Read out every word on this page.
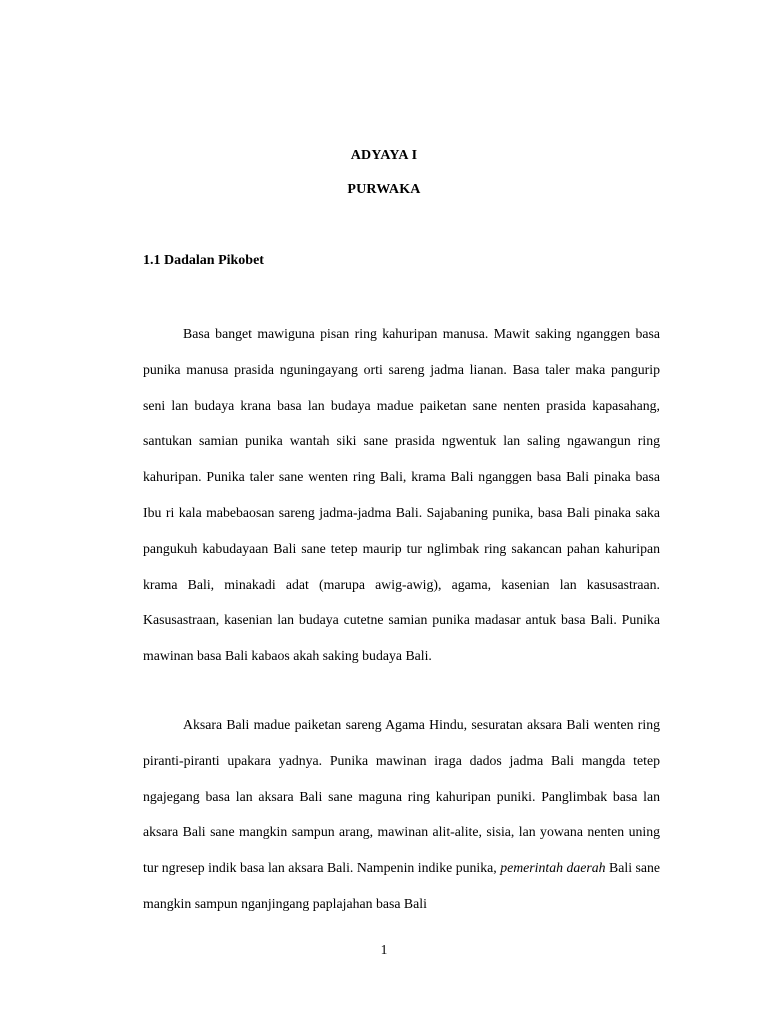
ADYAYA I
PURWAKA
1.1 Dadalan Pikobet

Basa banget mawiguna pisan ring kahuripan manusa. Mawit saking nganggen basa punika manusa prasida nguningayang orti sareng jadma lianan. Basa taler maka pangurip seni lan budaya krana basa lan budaya madue paiketan sane nenten prasida kapasahang, santukan samian punika wantah siki sane prasida ngwentuk lan saling ngawangun ring kahuripan. Punika taler sane wenten ring Bali, krama Bali nganggen basa Bali pinaka basa Ibu ri kala mabebaosan sareng jadma-jadma Bali. Sajabaning punika, basa Bali pinaka saka pangukuh kabudayaan Bali sane tetep maurip tur nglimbak ring sakancan pahan kahuripan krama Bali, minakadi adat (marupa awig-awig), agama, kasenian lan kasusastraan. Kasusastraan, kasenian lan budaya cutetne samian punika madasar antuk basa Bali. Punika mawinan basa Bali kabaos akah saking budaya Bali.

Aksara Bali madue paiketan sareng Agama Hindu, sesuratan aksara Bali wenten ring piranti-piranti upakara yadnya. Punika mawinan iraga dados jadma Bali mangda tetep ngajegang basa lan aksara Bali sane maguna ring kahuripan puniki. Panglimbak basa lan aksara Bali sane mangkin sampun arang, mawinan alit-alite, sisia, lan yowana nenten uning tur ngresep indik basa lan aksara Bali. Nampenin indike punika, pemerintah daerah Bali sane mangkin sampun nganjingang paplajahan basa Bali

1
